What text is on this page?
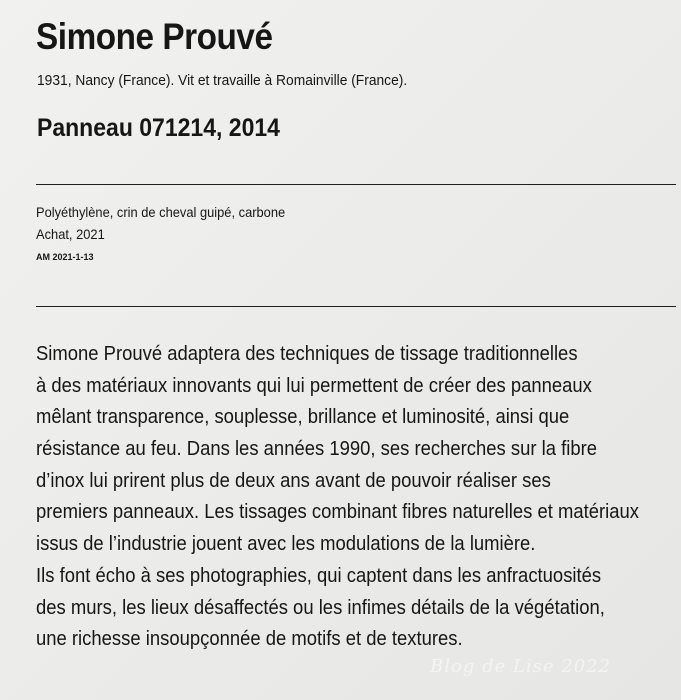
Simone Prouvé
1931, Nancy (France). Vit et travaille à Romainville (France).
Panneau 071214, 2014
Polyéthylène, crin de cheval guipé, carbone
Achat, 2021
AM 2021-1-13
Simone Prouvé adaptera des techniques de tissage traditionnelles
à des matériaux innovants qui lui permettent de créer des panneaux
mêlant transparence, souplesse, brillance et luminosité, ainsi que
résistance au feu. Dans les années 1990, ses recherches sur la fibre
d’inox lui prirent plus de deux ans avant de pouvoir réaliser ses
premiers panneaux. Les tissages combinant fibres naturelles et matériaux
issus de l’industrie jouent avec les modulations de la lumière.
Ils font écho à ses photographies, qui captent dans les anfractuosités
des murs, les lieux désaffectés ou les infimes détails de la végétation,
une richesse insoupçonnée de motifs et de textures.
Blog de Lise 2022
